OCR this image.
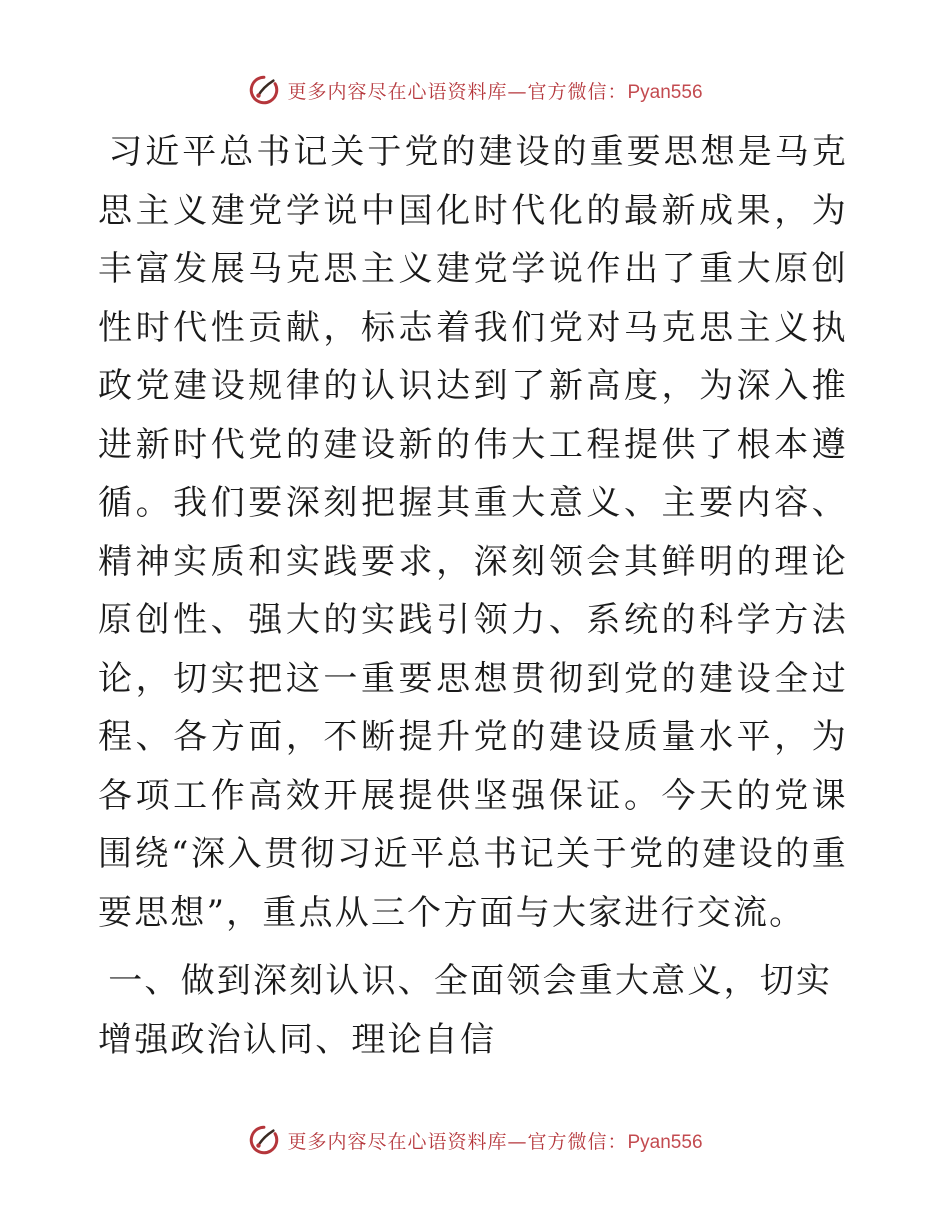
更多内容尽在心语资料库—官方微信：Pyan556

习近平总书记关于党的建设的重要思想是马克思主义建党学说中国化时代化的最新成果，为丰富发展马克思主义建党学说作出了重大原创性时代性贡献，标志着我们党对马克思主义执政党建设规律的认识达到了新高度，为深入推进新时代党的建设新的伟大工程提供了根本遵循。我们要深刻把握其重大意义、主要内容、精神实质和实践要求，深刻领会其鲜明的理论原创性、强大的实践引领力、系统的科学方法论，切实把这一重要思想贯彻到党的建设全过程、各方面，不断提升党的建设质量水平，为各项工作高效开展提供坚强保证。今天的党课围绕“深入贯彻习近平总书记关于党的建设的重要思想”，重点从三个方面与大家进行交流。

一、做到深刻认识、全面领会重大意义，切实增强政治认同、理论自信

更多内容尽在心语资料库—官方微信：Pyan556
